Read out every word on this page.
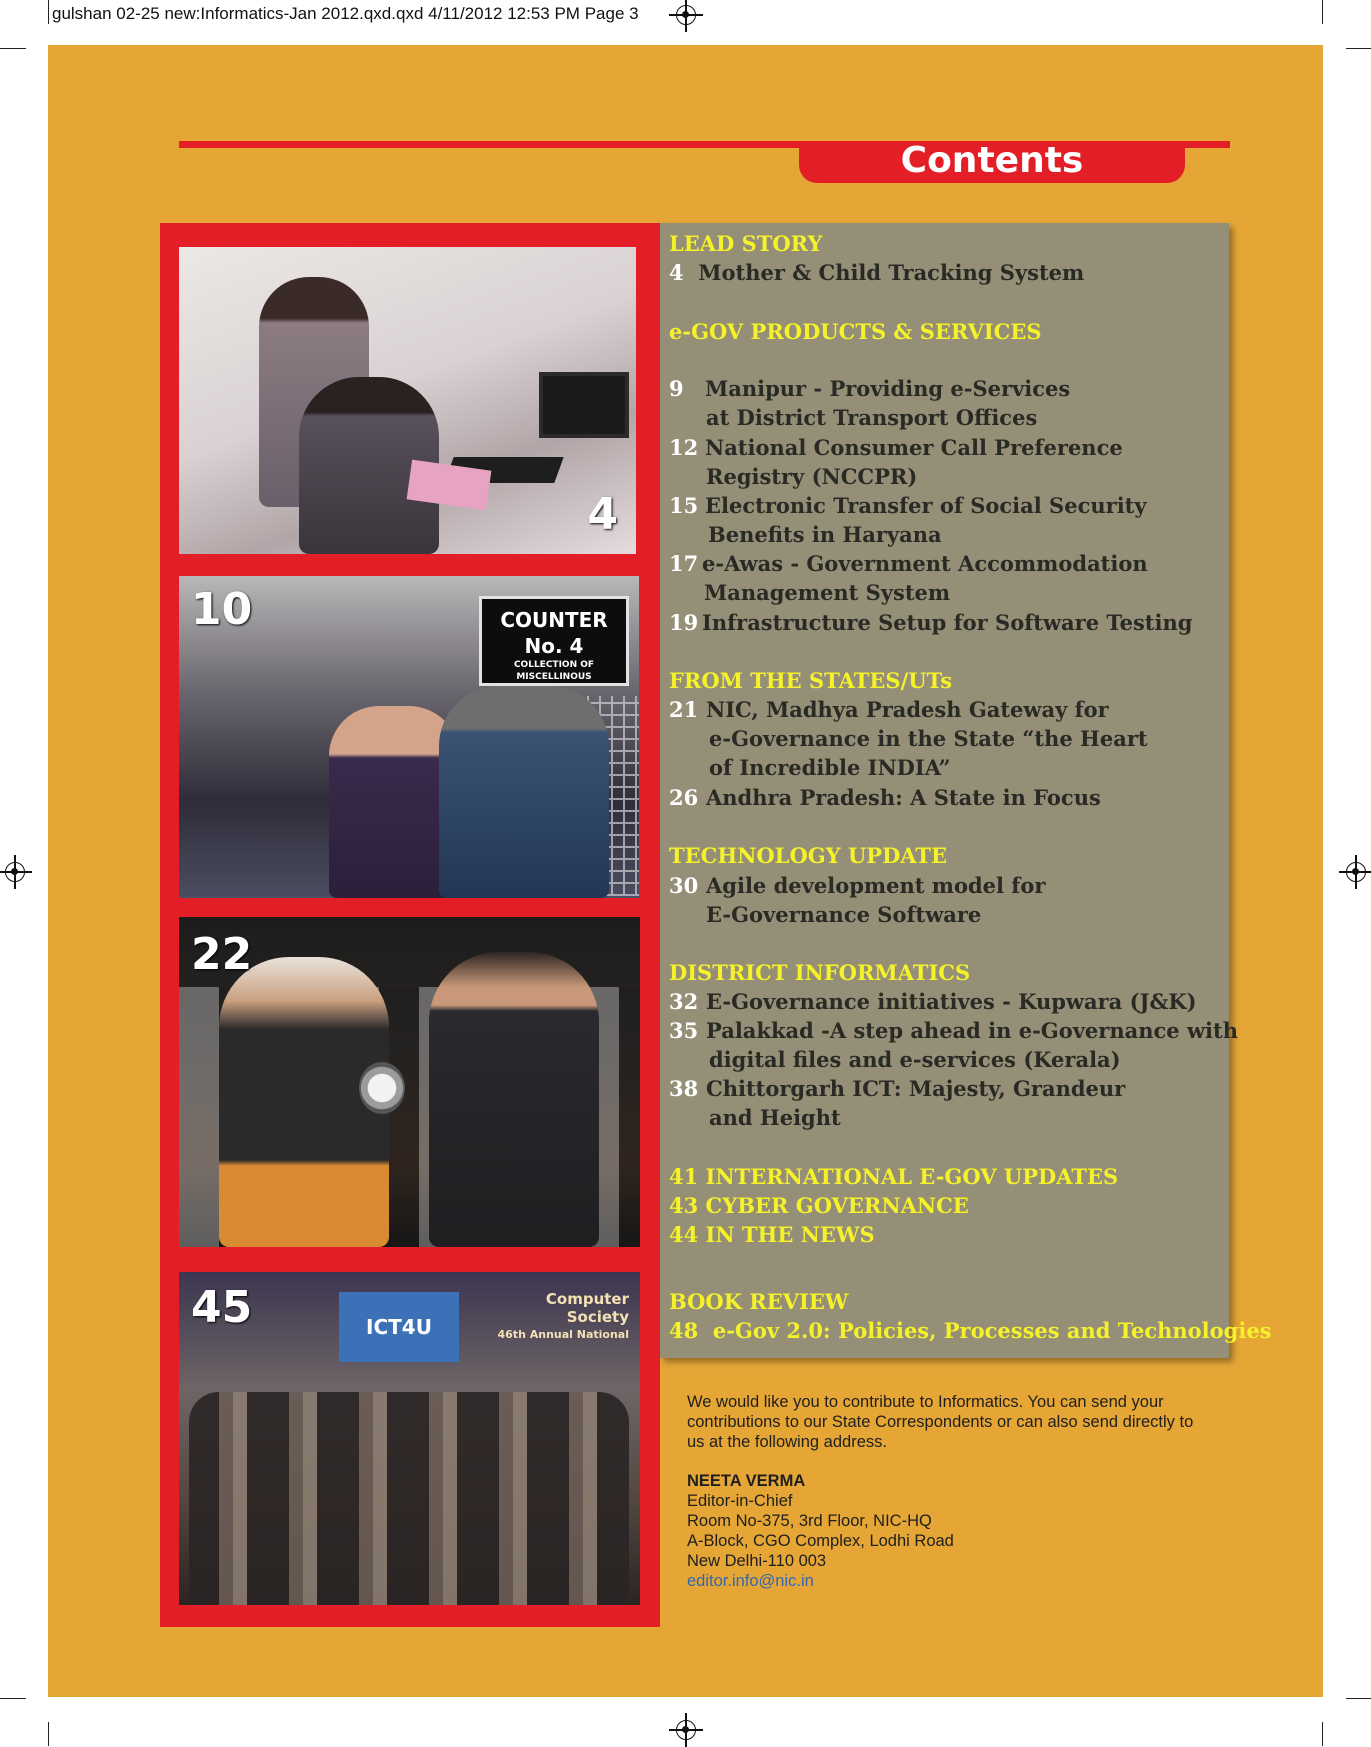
gulshan 02-25 new:Informatics-Jan 2012.qxd.qxd 4/11/2012 12:53 PM Page 3
Contents
4
COUNTER No. 4
COLLECTION OF MISCELLINOUS
10
22
ICT4U
Computer Society
46th Annual National
45
LEAD STORY
4 Mother & Child Tracking System
e-GOV PRODUCTS & SERVICES
9 Manipur - Providing e-Services
at District Transport Offices
12 National Consumer Call Preference
Registry (NCCPR)
15 Electronic Transfer of Social Security
Benefits in Haryana
17 e-Awas - Government Accommodation
Management System
19 Infrastructure Setup for Software Testing
FROM THE STATES/UTs
21 NIC, Madhya Pradesh Gateway for
e-Governance in the State “the Heart
of Incredible INDIA”
26 Andhra Pradesh: A State in Focus
TECHNOLOGY UPDATE
30 Agile development model for
E-Governance Software
DISTRICT INFORMATICS
32 E-Governance initiatives - Kupwara (J&K)
35 Palakkad -A step ahead in e-Governance with
digital files and e-services (Kerala)
38 Chittorgarh ICT: Majesty, Grandeur
and Height
41 INTERNATIONAL E-GOV UPDATES
43 CYBER GOVERNANCE
44 IN THE NEWS
BOOK REVIEW
48 e-Gov 2.0: Policies, Processes and Technologies
We would like you to contribute to Informatics. You can send your contributions to our State Correspondents or can also send directly to us at the following address.
NEETA VERMA
Editor-in-Chief
Room No-375, 3rd Floor, NIC-HQ
A-Block, CGO Complex, Lodhi Road
New Delhi-110 003
editor.info@nic.in
